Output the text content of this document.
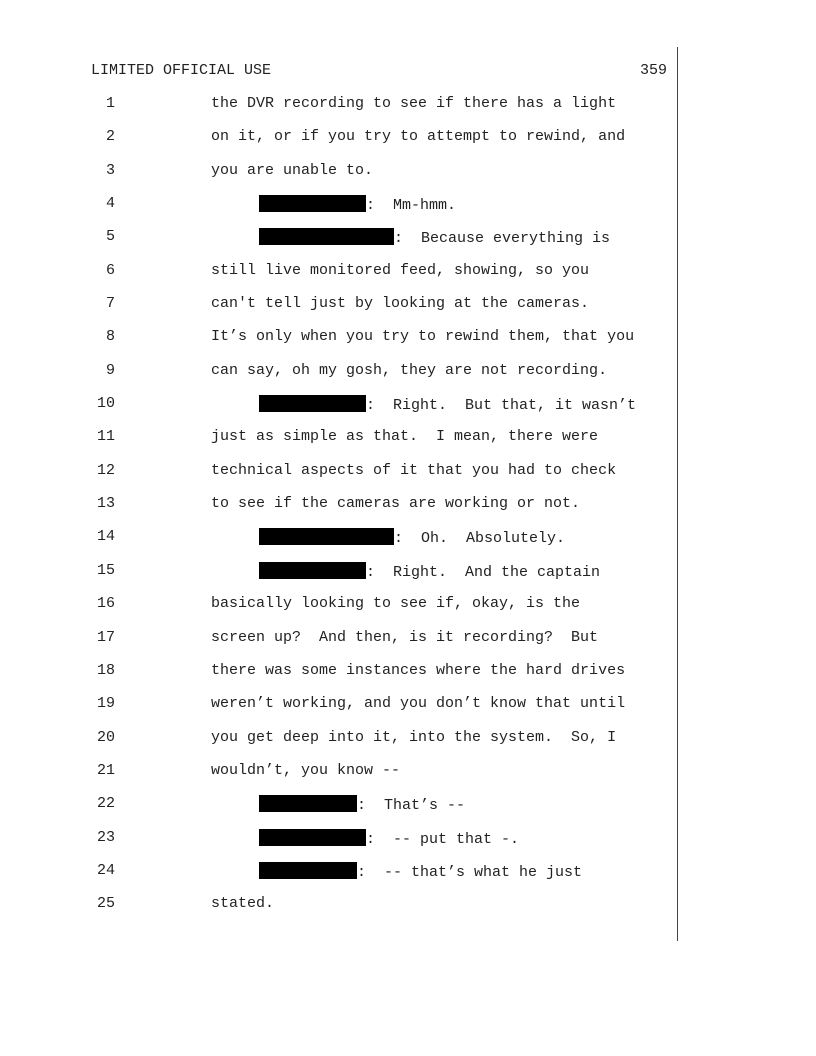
LIMITED OFFICIAL USE	359
1	the DVR recording to see if there has a light
2	on it, or if you try to attempt to rewind, and
3	you are unable to.
4	:  Mm-hmm.
5	:  Because everything is
6	still live monitored feed, showing, so you
7	can't tell just by looking at the cameras.
8	It’s only when you try to rewind them, that you
9	can say, oh my gosh, they are not recording.
10	:  Right.  But that, it wasn’t
11	just as simple as that.  I mean, there were
12	technical aspects of it that you had to check
13	to see if the cameras are working or not.
14	:  Oh.  Absolutely.
15	:  Right.  And the captain
16	basically looking to see if, okay, is the
17	screen up?  And then, is it recording?  But
18	there was some instances where the hard drives
19	weren’t working, and you don’t know that until
20	you get deep into it, into the system.  So, I
21	wouldn’t, you know --
22	:  That’s --
23	:  -- put that -.
24	:  -- that’s what he just
25	stated.
